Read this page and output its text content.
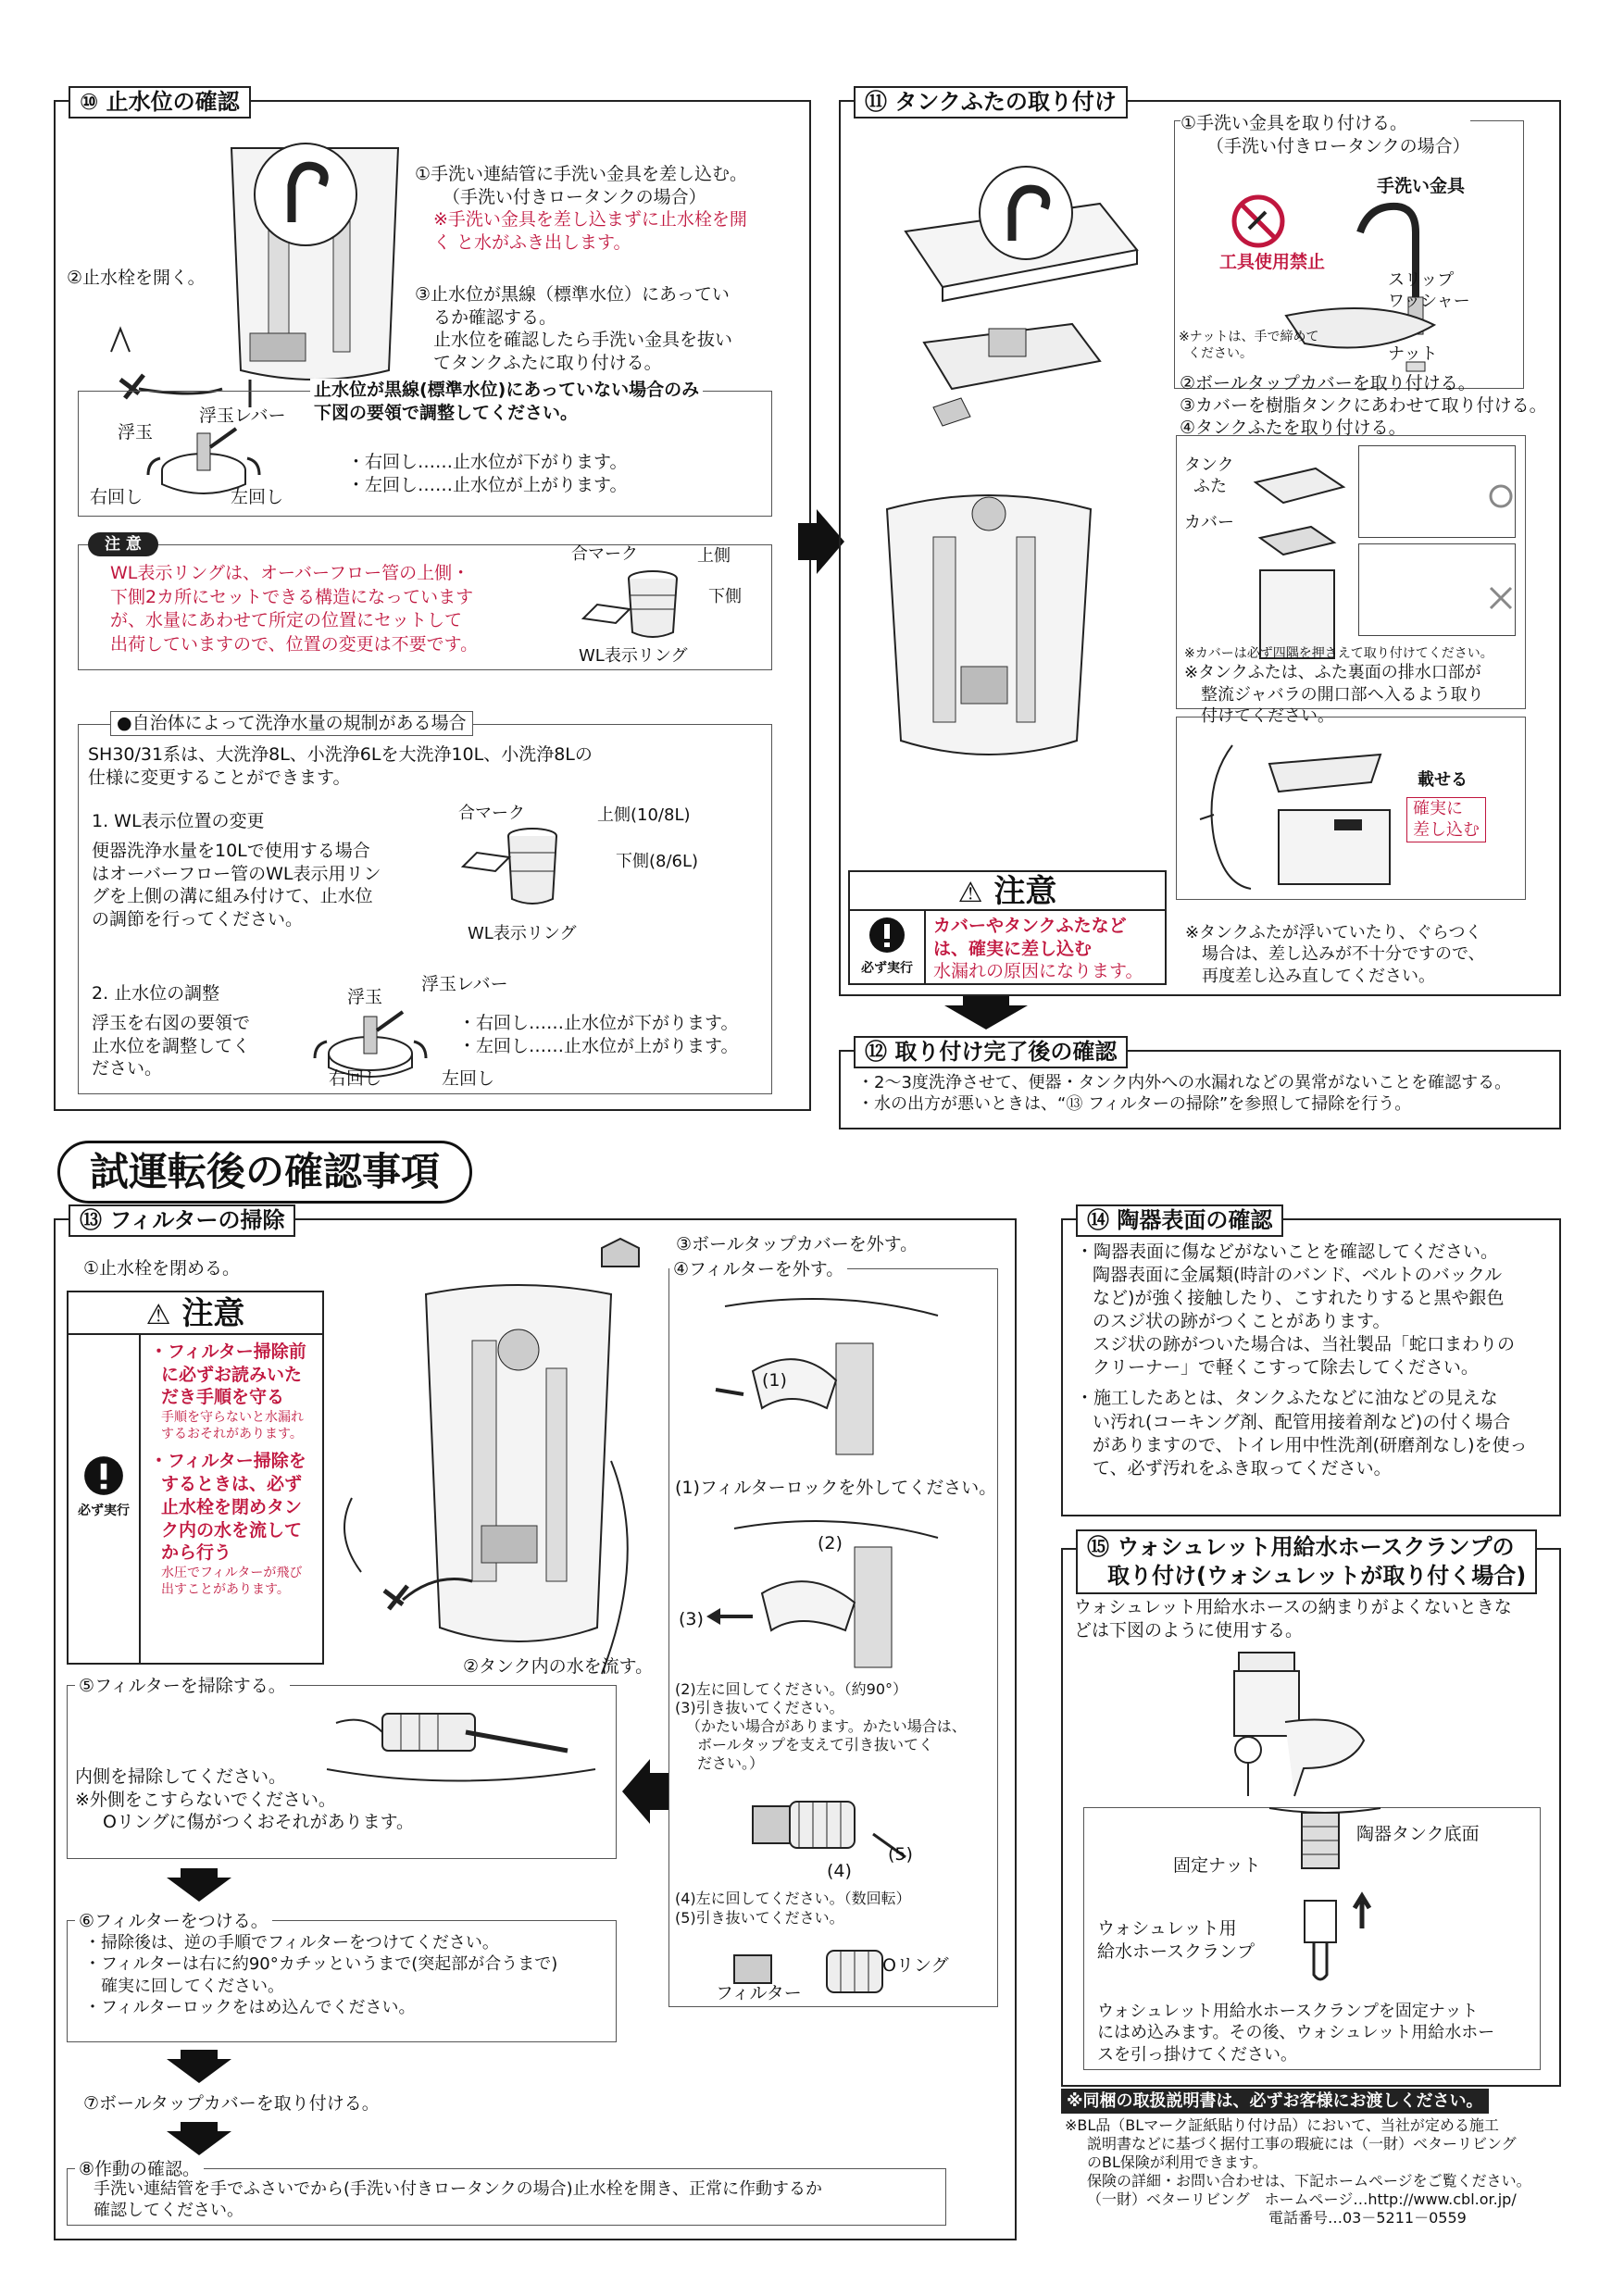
⑩ 止水位の確認
①手洗い連結管に手洗い金具を差し込む。
（手洗い付きロータンクの場合）
※手洗い金具を差し込まずに止水栓を開
く と水がふき出します。
②止水栓を開く。
③止水位が黒線（標準水位）にあってい
るか確認する。
止水位を確認したら手洗い金具を抜い
てタンクふたに取り付ける。
止水位が黒線(標準水位)にあっていない場合のみ
下図の要領で調整してください。
浮玉
浮玉レバー
右回し	左回し
・右回し……止水位が下がります。
・左回し……止水位が上がります。
注 意
WL表示リングは、オーバーフロー管の上側・
下側2カ所にセットできる構造になっています
が、水量にあわせて所定の位置にセットして
出荷していますので、位置の変更は不要です。
合マーク	上側
下側
WL表示リング
●自治体によって洗浄水量の規制がある場合
SH30/31系は、大洗浄8L、小洗浄6Lを大洗浄10L、小洗浄8Lの
仕様に変更することができます。
1. WL表示位置の変更
便器洗浄水量を10Lで使用する場合
はオーバーフロー管のWL表示用リン
グを上側の溝に組み付けて、止水位
の調節を行ってください。
合マーク	上側(10/8L)
下側(8/6L)
WL表示リング
2. 止水位の調整
浮玉を右図の要領で
止水位を調整してく
ださい。
浮玉
浮玉レバー
右回し	左回し
・右回し……止水位が下がります。
・左回し……止水位が上がります。
⑪ タンクふたの取り付け
①手洗い金具を取り付ける。
（手洗い付きロータンクの場合）
工具使用禁止
手洗い金具
スリップ
ワッシャー
ナット
※ナットは、手で締めて
ください。
②ボールタップカバーを取り付ける。
③カバーを樹脂タンクにあわせて取り付ける。
④タンクふたを取り付ける。
タンク
ふた
カバー
※カバーは必ず四隅を押さえて取り付けてください。
※タンクふたは、ふた裏面の排水口部が
整流ジャバラの開口部へ入るよう取り
付けてください。
載せる
確実に
差し込む
⚠ 注意
必ず実行
カバーやタンクふたなど
は、確実に差し込む
水漏れの原因になります。
※タンクふたが浮いていたり、ぐらつく
場合は、差し込みが不十分ですので、
再度差し込み直してください。
⑫ 取り付け完了後の確認
・2～3度洗浄させて、便器・タンク内外への水漏れなどの異常がないことを確認する。
・水の出方が悪いときは、“⑬ フィルターの掃除”を参照して掃除を行う。
試運転後の確認事項
⑬ フィルターの掃除
①止水栓を閉める。
⚠ 注意
必ず実行
・フィルター掃除前
に必ずお読みいた
だき手順を守る
手順を守らないと水漏れ
するおそれがあります。
・フィルター掃除を
するときは、必ず
止水栓を閉めタン
ク内の水を流して
から行う
水圧でフィルターが飛び
出すことがあります。
②タンク内の水を流す。
③ボールタップカバーを外す。
④フィルターを外す。
(1)
(1)フィルターロックを外してください。
(2)
(3)
(2)左に回してください。（約90°）
(3)引き抜いてください。
（かたい場合があります。かたい場合は、
ボールタップを支えて引き抜いてく
ださい。）
(4)
(5)
(4)左に回してください。（数回転）
(5)引き抜いてください。
Oリング
フィルター
⑤フィルターを掃除する。
内側を掃除してください。
※外側をこすらないでください。
Oリングに傷がつくおそれがあります。
⑥フィルターをつける。
・掃除後は、逆の手順でフィルターをつけてください。
・フィルターは右に約90°カチッというまで(突起部が合うまで)
確実に回してください。
・フィルターロックをはめ込んでください。
⑦ボールタップカバーを取り付ける。
⑧作動の確認。
手洗い連結管を手でふさいでから(手洗い付きロータンクの場合)止水栓を開き、正常に作動するか
確認してください。
⑭ 陶器表面の確認
・陶器表面に傷などがないことを確認してください。
陶器表面に金属類(時計のバンド、ベルトのバックル
など)が強く接触したり、こすれたりすると黒や銀色
のスジ状の跡がつくことがあります。
スジ状の跡がついた場合は、当社製品「蛇口まわりの
クリーナー」で軽くこすって除去してください。
・施工したあとは、タンクふたなどに油などの見えな
い汚れ(コーキング剤、配管用接着剤など)の付く場合
がありますので、トイレ用中性洗剤(研磨剤なし)を使っ
て、必ず汚れをふき取ってください。
⑮ ウォシュレット用給水ホースクランプの
取り付け(ウォシュレットが取り付く場合)
ウォシュレット用給水ホースの納まりがよくないときな
どは下図のように使用する。
陶器タンク底面
固定ナット
ウォシュレット用
給水ホースクランプ
ウォシュレット用給水ホースクランプを固定ナット
にはめ込みます。その後、ウォシュレット用給水ホー
スを引っ掛けてください。
※同梱の取扱説明書は、必ずお客様にお渡しください。
※BL品（BLマーク証紙貼り付け品）において、当社が定める施工
説明書などに基づく据付工事の瑕疵には（一財）ベターリビング
のBL保険が利用できます。
保険の詳細・お問い合わせは、下記ホームページをご覧ください。
（一財）ベターリビング　ホームページ…http://www.cbl.or.jp/
電話番号…03－5211－0559
